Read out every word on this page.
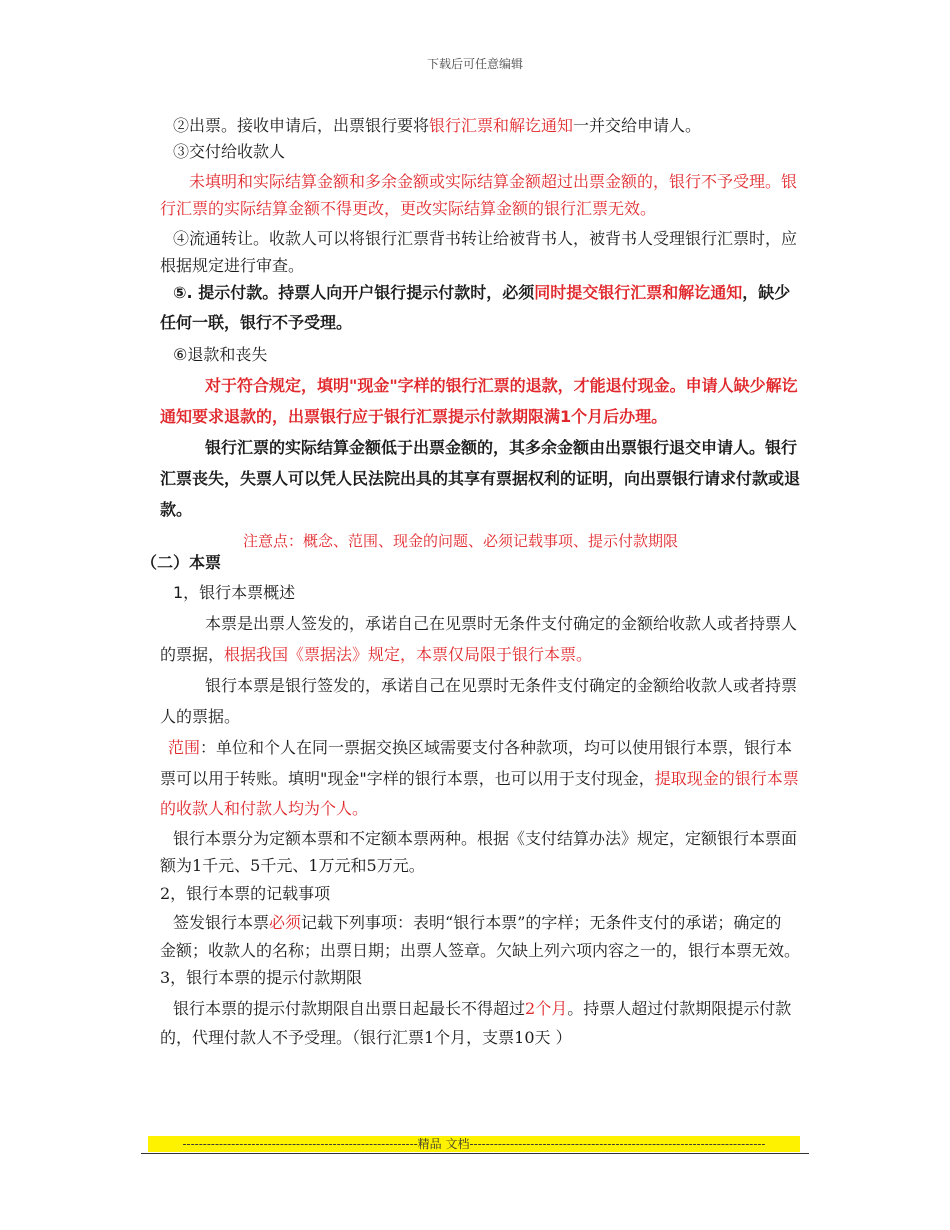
下载后可任意编辑
②出票。接收申请后，出票银行要将银行汇票和解讫通知一并交给申请人。
③交付给收款人
未填明和实际结算金额和多余金额或实际结算金额超过出票金额的，银行不予受理。银
行汇票的实际结算金额不得更改，更改实际结算金额的银行汇票无效。
④流通转让。收款人可以将银行汇票背书转让给被背书人，被背书人受理银行汇票时，应
根据规定进行审查。
⑤. 提示付款。持票人向开户银行提示付款时，必须同时提交银行汇票和解讫通知，缺少
任何一联，银行不予受理。
⑥退款和丧失
对于符合规定，填明"现金"字样的银行汇票的退款，才能退付现金。申请人缺少解讫
通知要求退款的，出票银行应于银行汇票提示付款期限满1个月后办理。
银行汇票的实际结算金额低于出票金额的，其多余金额由出票银行退交申请人。银行
汇票丧失，失票人可以凭人民法院出具的其享有票据权利的证明，向出票银行请求付款或退
款。
注意点：概念、范围、现金的问题、必须记载事项、提示付款期限
（二）本票
1，银行本票概述
本票是出票人签发的，承诺自己在见票时无条件支付确定的金额给收款人或者持票人
的票据，根据我国《票据法》规定，本票仅局限于银行本票。
银行本票是银行签发的，承诺自己在见票时无条件支付确定的金额给收款人或者持票
人的票据。
范围：单位和个人在同一票据交换区域需要支付各种款项，均可以使用银行本票，银行本
票可以用于转账。填明"现金"字样的银行本票，也可以用于支付现金，提取现金的银行本票
的收款人和付款人均为个人。
银行本票分为定额本票和不定额本票两种。根据《支付结算办法》规定，定额银行本票面
额为1千元、5千元、1万元和5万元。
2，银行本票的记载事项
签发银行本票必须记载下列事项：表明“银行本票”的字样；无条件支付的承诺；确定的
金额；收款人的名称；出票日期；出票人签章。欠缺上列六项内容之一的，银行本票无效。
3，银行本票的提示付款期限
银行本票的提示付款期限自出票日起最长不得超过2个月。持票人超过付款期限提示付款
的，代理付款人不予受理。（银行汇票1个月，支票10天 ）
----------------------------------------------------------精品 文档-------------------------------------------------------------------------
